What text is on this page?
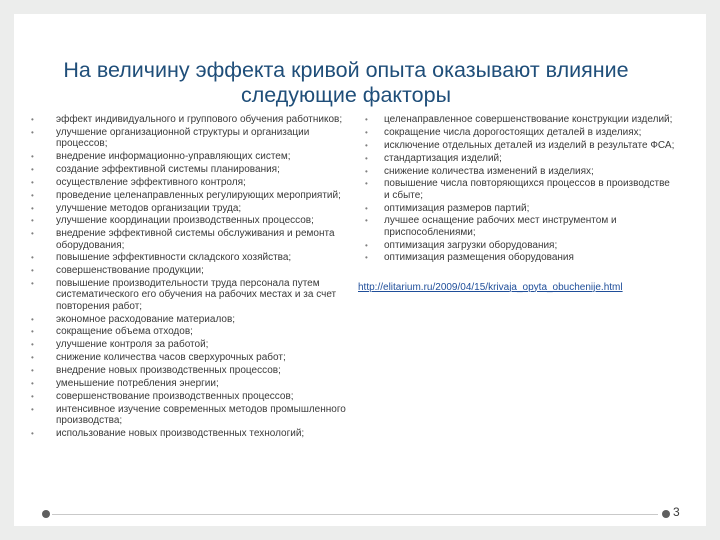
На величину эффекта кривой опыта оказывают влияние следующие факторы
•	эффект индивидуального и группового обучения работников;
•	улучшение организационной структуры и организации процессов;
•	внедрение информационно-управляющих систем;
•	создание эффективной системы планирования;
•	осуществление эффективного контроля;
•	проведение целенаправленных регулирующих мероприятий;
•	улучшение методов организации труда;
•	улучшение координации производственных процессов;
•	внедрение эффективной системы обслуживания и ремонта оборудования;
•	повышение эффективности складского хозяйства;
•	совершенствование продукции;
•	повышение производительности труда персонала путем систематического его обучения на рабочих местах и за счет повторения работ;
•	экономное расходование материалов;
•	сокращение объема отходов;
•	улучшение контроля за работой;
•	снижение количества часов сверхурочных работ;
•	внедрение новых производственных процессов;
•	уменьшение потребления энергии;
•	совершенствование производственных процессов;
•	интенсивное изучение современных методов промышленного производства;
•	использование новых производственных технологий;
•	целенаправленное совершенствование конструкции изделий;
•	сокращение числа дорогостоящих деталей в изделиях;
•	исключение отдельных деталей из изделий в результате ФСА;
•	стандартизация изделий;
•	снижение количества изменений в изделиях;
•	повышение числа повторяющихся процессов в производстве и сбыте;
•	оптимизация размеров партий;
•	лучшее оснащение рабочих мест инструментом и приспособлениями;
•	оптимизация загрузки оборудования;
•	оптимизация размещения оборудования
http://elitarium.ru/2009/04/15/krivaja_opyta_obuchenije.html
3
